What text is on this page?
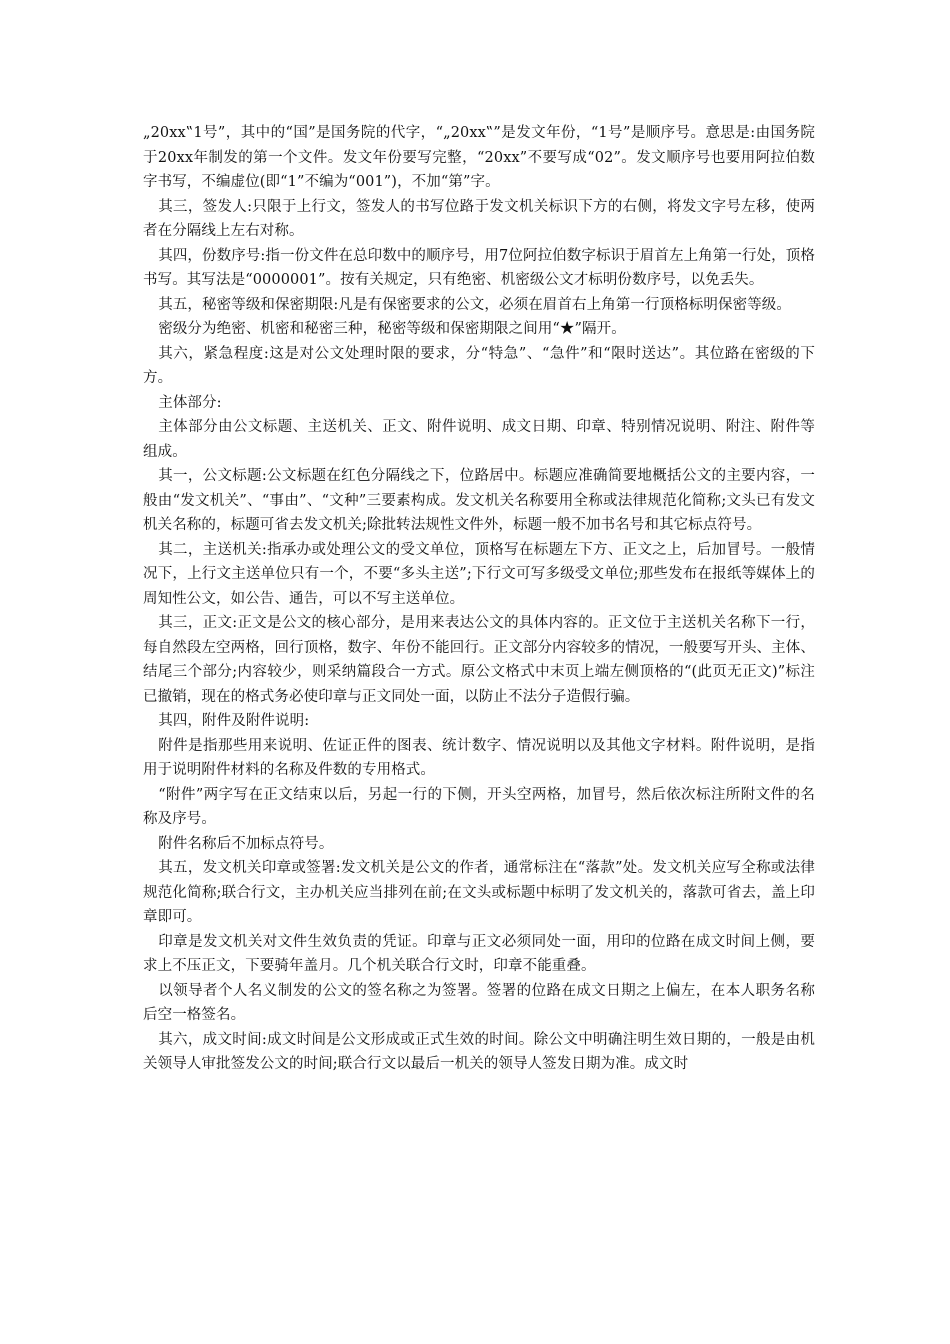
„20xx‟1号”，其中的“国”是国务院的代字，“„20xx‟”是发文年份，“1号”是顺序号。意思是:由国务院于20xx年制发的第一个文件。发文年份要写完整，“20xx”不要写成“02”。发文顺序号也要用阿拉伯数字书写，不编虚位(即“1”不编为“001”)，不加“第”字。

其三，签发人:只限于上行文，签发人的书写位路于发文机关标识下方的右侧，将发文字号左移，使两者在分隔线上左右对称。

其四，份数序号:指一份文件在总印数中的顺序号，用7位阿拉伯数字标识于眉首左上角第一行处，顶格书写。其写法是“0000001”。按有关规定，只有绝密、机密级公文才标明份数序号，以免丢失。

其五，秘密等级和保密期限:凡是有保密要求的公文，必须在眉首右上角第一行顶格标明保密等级。

密级分为绝密、机密和秘密三种，秘密等级和保密期限之间用“★”隔开。

其六，紧急程度:这是对公文处理时限的要求，分“特急”、“急件”和“限时送达”。其位路在密级的下方。

主体部分:

主体部分由公文标题、主送机关、正文、附件说明、成文日期、印章、特别情况说明、附注、附件等组成。

其一，公文标题:公文标题在红色分隔线之下，位路居中。标题应准确简要地概括公文的主要内容，一般由“发文机关”、“事由”、“文种”三要素构成。发文机关名称要用全称或法律规范化简称;文头已有发文机关名称的，标题可省去发文机关;除批转法规性文件外，标题一般不加书名号和其它标点符号。

其二，主送机关:指承办或处理公文的受文单位，顶格写在标题左下方、正文之上，后加冒号。一般情况下，上行文主送单位只有一个，不要“多头主送”;下行文可写多级受文单位;那些发布在报纸等媒体上的周知性公文，如公告、通告，可以不写主送单位。

其三，正文:正文是公文的核心部分，是用来表达公文的具体内容的。正文位于主送机关名称下一行，每自然段左空两格，回行顶格，数字、年份不能回行。正文部分内容较多的情况，一般要写开头、主体、结尾三个部分;内容较少，则采纳篇段合一方式。原公文格式中末页上端左侧顶格的“(此页无正文)”标注已撤销，现在的格式务必使印章与正文同处一面，以防止不法分子造假行骗。

其四，附件及附件说明:

附件是指那些用来说明、佐证正件的图表、统计数字、情况说明以及其他文字材料。附件说明，是指用于说明附件材料的名称及件数的专用格式。

“附件”两字写在正文结束以后，另起一行的下侧，开头空两格，加冒号，然后依次标注所附文件的名称及序号。

附件名称后不加标点符号。

其五，发文机关印章或签署:发文机关是公文的作者，通常标注在“落款”处。发文机关应写全称或法律规范化简称;联合行文，主办机关应当排列在前;在文头或标题中标明了发文机关的，落款可省去，盖上印章即可。

印章是发文机关对文件生效负责的凭证。印章与正文必须同处一面，用印的位路在成文时间上侧，要求上不压正文，下要骑年盖月。几个机关联合行文时，印章不能重叠。

以领导者个人名义制发的公文的签名称之为签署。签署的位路在成文日期之上偏左，在本人职务名称后空一格签名。

其六，成文时间:成文时间是公文形成或正式生效的时间。除公文中明确注明生效日期的，一般是由机关领导人审批签发公文的时间;联合行文以最后一机关的领导人签发日期为准。成文时
